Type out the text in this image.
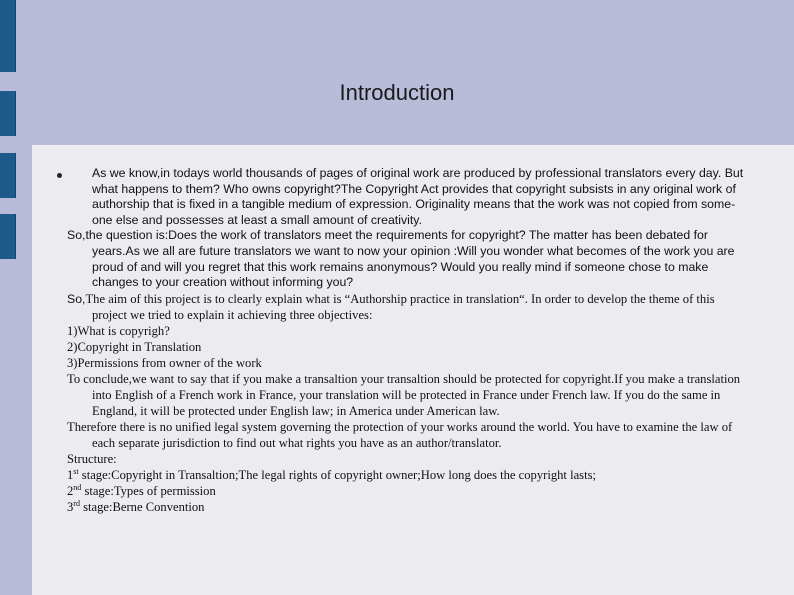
Introduction
As we know,in todays world thousands of pages of original work are produced by professional translators every day. But what happens to them? Who owns copyright?The Copyright Act provides that copyright subsists in any original work of authorship that is fixed in a tangible medium of expression. Originality means that the work was not copied from some-one else and possesses at least a small amount of creativity.

So,the question is:Does the work of translators meet the requirements for copyright? The matter has been debated for years.As we all are future translators we want to now your opinion :Will you wonder what becomes of the work you are proud of and will you regret that this work remains anonymous? Would you really mind if someone chose to make changes to your creation without informing you?

So,The aim of this project is to clearly explain what is “Authorship practice in translation“. In order to develop the theme of this project we tried to explain it achieving three objectives:

1)What is copyrigh?

2)Copyright in Translation

3)Permissions from owner of the work

To conclude,we want to say that if you make a transaltion your transaltion should be protected for copyright.If you make a translation into English of a French work in France, your translation will be protected in France under French law. If you do the same in England, it will be protected under English law; in America under American law.

Therefore there is no unified legal system governing the protection of your works around the world. You have to examine the law of each separate jurisdiction to find out what rights you have as an author/translator.

Structure:

1st stage:Copyright in Transaltion;The legal rights of copyright owner;How long does the copyright lasts;

2nd stage:Types of permission

3rd stage:Berne Convention
